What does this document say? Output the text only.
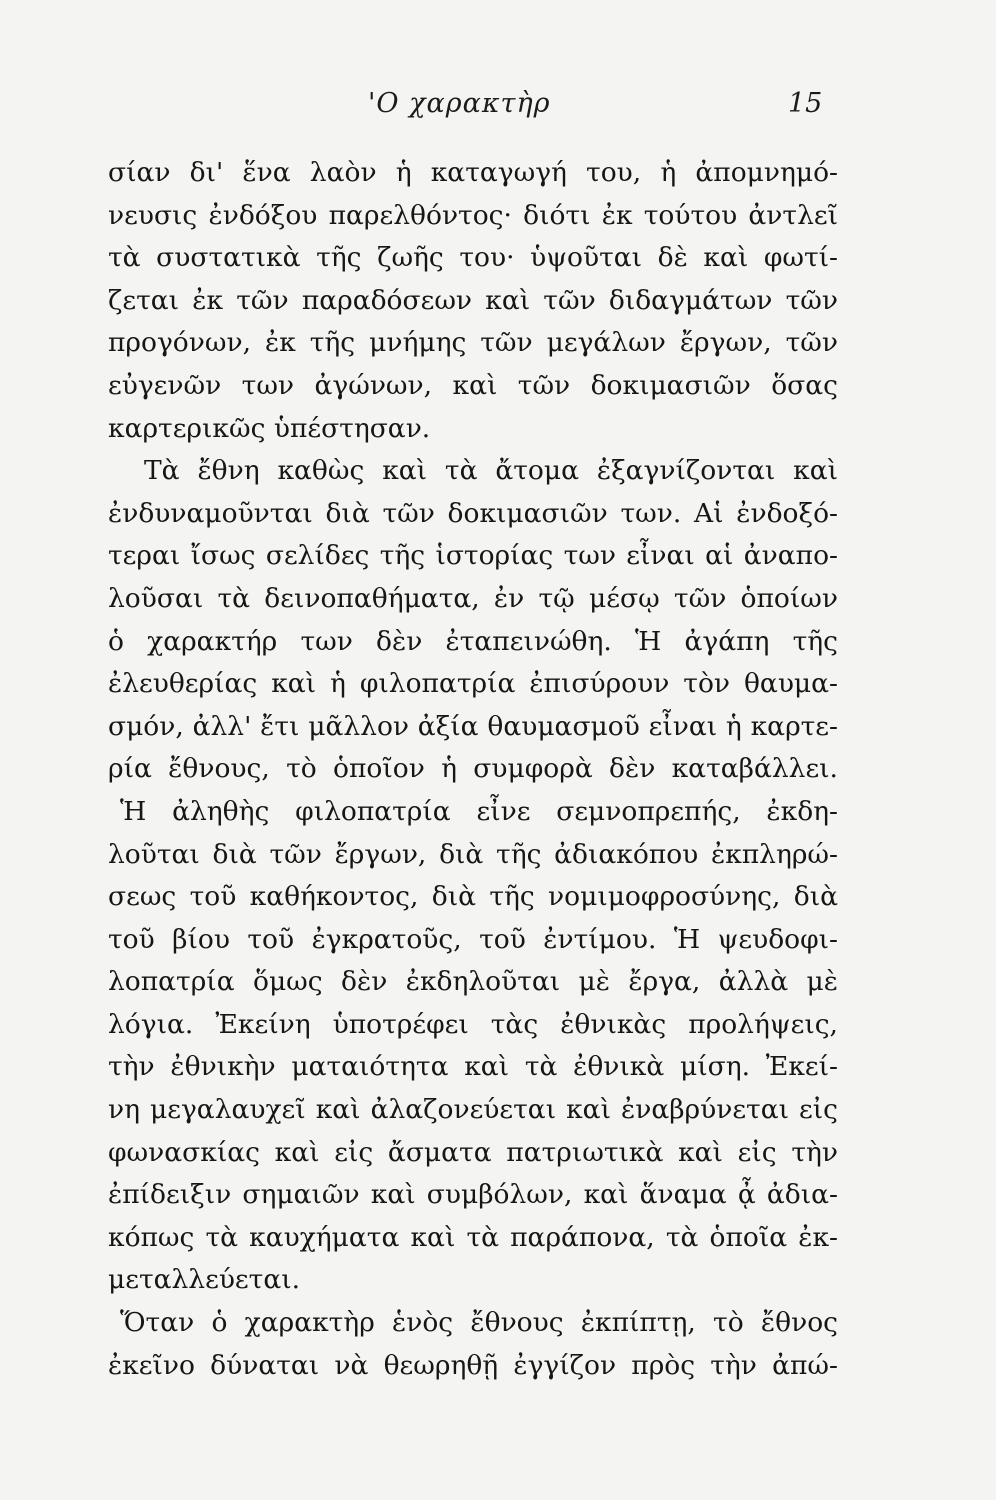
'Ο χαρακτὴρ	15
σίαν δι' ἕνα λαὸν ἡ καταγωγή του, ἡ ἀπομνημό-
νευσις ἐνδόξου παρελθόντος· διότι ἐκ τούτου ἀντλεῖ
τὰ συστατικὰ τῆς ζωῆς του· ὑψοῦται δὲ καὶ φωτί-
ζεται ἐκ τῶν παραδόσεων καὶ τῶν διδαγμάτων τῶν
προγόνων, ἐκ τῆς μνήμης τῶν μεγάλων ἔργων, τῶν
εὐγενῶν των ἀγώνων, καὶ τῶν δοκιμασιῶν ὅσας
καρτερικῶς ὑπέστησαν.
Τὰ ἔθνη καθὼς καὶ τὰ ἄτομα ἐξαγνίζονται καὶ
ἐνδυναμοῦνται διὰ τῶν δοκιμασιῶν των. Αἱ ἐνδοξό-
τεραι ἴσως σελίδες τῆς ἱστορίας των εἶναι αἱ ἀναπο-
λοῦσαι τὰ δεινοπαθήματα, ἐν τῷ μέσῳ τῶν ὁποίων
ὁ χαρακτήρ των δὲν ἐταπεινώθη. Ἡ ἀγάπη τῆς
ἐλευθερίας καὶ ἡ φιλοπατρία ἐπισύρουν τὸν θαυμα-
σμόν, ἀλλ' ἔτι μᾶλλον ἀξία θαυμασμοῦ εἶναι ἡ καρτε-
ρία ἔθνους, τὸ ὁποῖον ἡ συμφορὰ δὲν καταβάλλει.
Ἡ ἀληθὴς φιλοπατρία εἶνε σεμνοπρεπής, ἐκδη-
λοῦται διὰ τῶν ἔργων, διὰ τῆς ἀδιακόπου ἐκπληρώ-
σεως τοῦ καθήκοντος, διὰ τῆς νομιμοφροσύνης, διὰ
τοῦ βίου τοῦ ἐγκρατοῦς, τοῦ ἐντίμου. Ἡ ψευδοφι-
λοπατρία ὅμως δὲν ἐκδηλοῦται μὲ ἔργα, ἀλλὰ μὲ
λόγια. Ἐκείνη ὑποτρέφει τὰς ἐθνικὰς προλήψεις,
τὴν ἐθνικὴν ματαιότητα καὶ τὰ ἐθνικὰ μίση. Ἐκεί-
νη μεγαλαυχεῖ καὶ ἀλαζονεύεται καὶ ἐναβρύνεται εἰς
φωνασκίας καὶ εἰς ἄσματα πατριωτικὰ καὶ εἰς τὴν
ἐπίδειξιν σημαιῶν καὶ συμβόλων, καὶ ἅναμα ᾆ ἀδια-
κόπως τὰ καυχήματα καὶ τὰ παράπονα, τὰ ὁποῖα ἐκ-
μεταλλεύεται.
Ὅταν ὁ χαρακτὴρ ἑνὸς ἔθνους ἐκπίπτῃ, τὸ ἔθνος
ἐκεῖνο δύναται νὰ θεωρηθῇ ἐγγίζον πρὸς τὴν ἀπώ-
